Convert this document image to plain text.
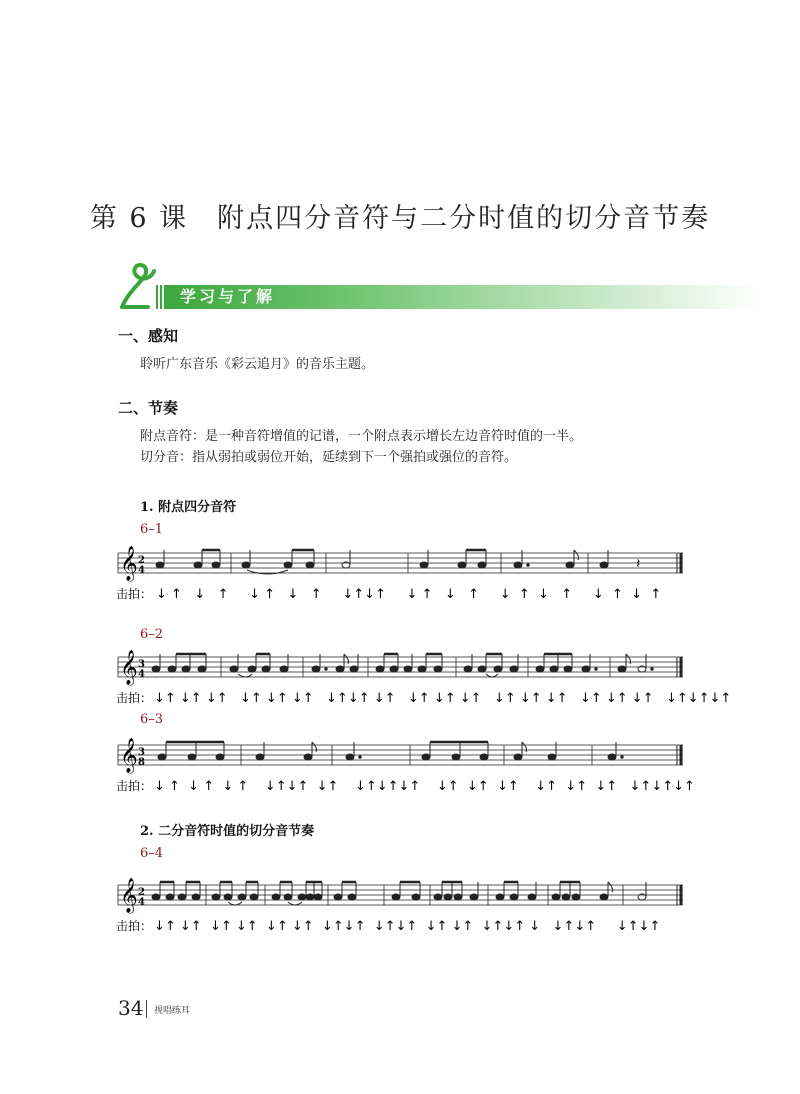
第 6 课　附点四分音符与二分时值的切分音节奏
学习与了解
一、感知
聆听广东音乐《彩云追月》的音乐主题。
二、节奏
附点音符：是一种音符增值的记谱，一个附点表示增长左边音符时值的一半。
切分音：指从弱拍或弱位开始，延续到下一个强拍或强位的音符。
1. 附点四分音符
6–1
𝄞 2
4	𝄽
击拍： ↓ ↑   ↓   ↑     ↓ ↑   ↓   ↑     ↓↑↓↑     ↓ ↑   ↓   ↑     ↓  ↑  ↓   ↑     ↓  ↑  ↓  ↑
6–2
𝄞 3
4
击拍： ↓↑ ↓↑ ↓↑   ↓↑ ↓↑ ↓↑   ↓↑↓↑ ↓↑   ↓↑ ↓↑ ↓↑   ↓↑ ↓↑ ↓↑   ↓↑ ↓↑ ↓↑   ↓↑↓↑↓↑
6–3
𝄞 3
8
击拍： ↓ ↑  ↓ ↑  ↓ ↑    ↓↑↓↑  ↓↑    ↓↑↓↑↓↑    ↓↑  ↓↑  ↓↑    ↓↑  ↓↑  ↓↑   ↓↑↓↑↓↑
2. 二分音符时值的切分音节奏
6–4
𝄞 2
4
击拍： ↓↑ ↓↑  ↓↑ ↓↑  ↓↑ ↓↑  ↓↑↓↑  ↓↑↓↑  ↓↑ ↓↑  ↓↑↓↑ ↓   ↓↑↓↑     ↓↑↓↑
34 视唱练耳
